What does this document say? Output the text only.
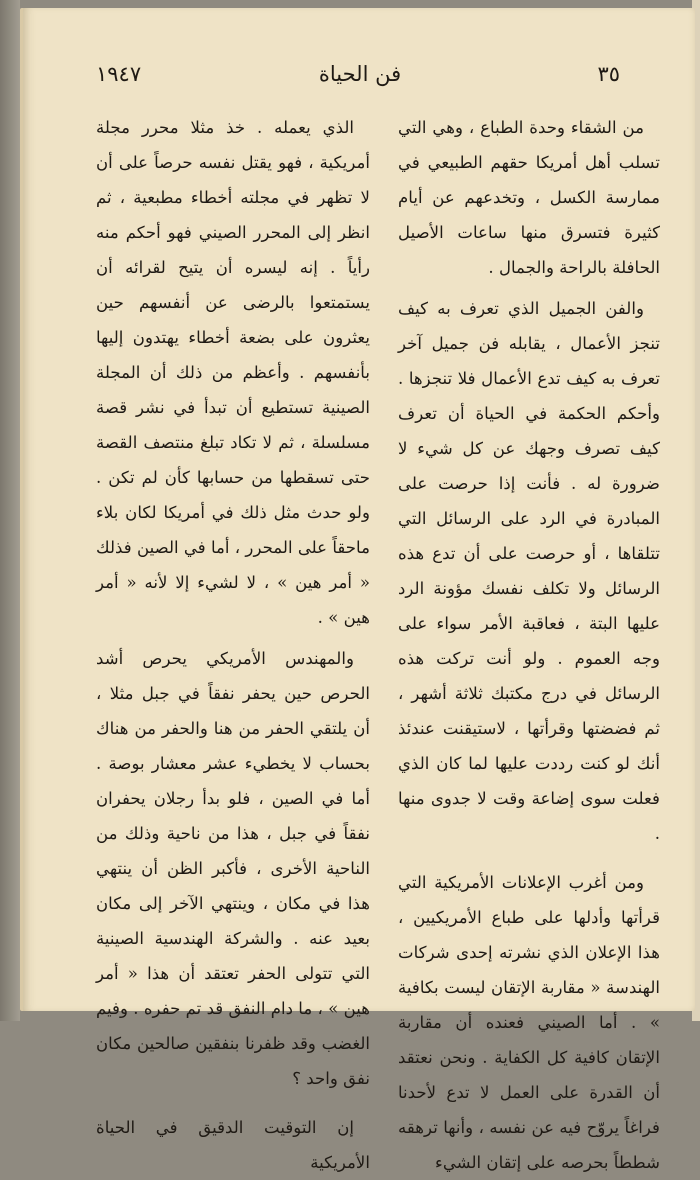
١٩٤٧	فن الحياة	٣٥

من الشقاء وحدة الطباع ، وهي التي تسلب أهل أمريكا حقهم الطبيعي في ممارسة الكسل ، وتخدعهم عن أيام كثيرة فتسرق منها ساعات الأصيل الحافلة بالراحة والجمال .

والفن الجميل الذي تعرف به كيف تنجز الأعمال ، يقابله فن جميل آخر تعرف به كيف تدع الأعمال فلا تنجزها . وأحكم الحكمة في الحياة أن تعرف كيف تصرف وجهك عن كل شيء لا ضرورة له . فأنت إذا حرصت على المبادرة في الرد على الرسائل التي تتلقاها ، أو حرصت على أن تدع هذه الرسائل ولا تكلف نفسك مؤونة الرد عليها البتة ، فعاقبة الأمر سواء على وجه العموم . ولو أنت تركت هذه الرسائل في درج مكتبك ثلاثة أشهر ، ثم فضضتها وقرأتها ، لاستيقنت عندئذ أنك لو كنت رددت عليها لما كان الذي فعلت سوى إضاعة وقت لا جدوى منها .

ومن أغرب الإعلانات الأمريكية التي قرأتها وأدلها على طباع الأمريكيين ، هذا الإعلان الذي نشرته إحدى شركات الهندسة « مقاربة الإتقان ليست بكافية » . أما الصيني فعنده أن مقاربة الإتقان كافية كل الكفاية . ونحن نعتقد أن القدرة على العمل لا تدع لأحدنا فراغاً يروّح فيه عن نفسه ، وأنها ترهقه شططاً بحرصه على إتقان الشيء

الذي يعمله . خذ مثلا محرر مجلة أمريكية ، فهو يقتل نفسه حرصاً على أن لا تظهر في مجلته أخطاء مطبعية ، ثم انظر إلى المحرر الصيني فهو أحكم منه رأياً . إنه ليسره أن يتيح لقرائه أن يستمتعوا بالرضى عن أنفسهم حين يعثرون على بضعة أخطاء يهتدون إليها بأنفسهم . وأعظم من ذلك أن المجلة الصينية تستطيع أن تبدأ في نشر قصة مسلسلة ، ثم لا تكاد تبلغ منتصف القصة حتى تسقطها من حسابها كأن لم تكن . ولو حدث مثل ذلك في أمريكا لكان بلاء ماحقاً على المحرر ، أما في الصين فذلك « أمر هين » ، لا لشيء إلا لأنه « أمر هين » .

والمهندس الأمريكي يحرص أشد الحرص حين يحفر نفقاً في جبل مثلا ، أن يلتقي الحفر من هنا والحفر من هناك بحساب لا يخطيء عشر معشار بوصة . أما في الصين ، فلو بدأ رجلان يحفران نفقاً في جبل ، هذا من ناحية وذلك من الناحية الأخرى ، فأكبر الظن أن ينتهي هذا في مكان ، وينتهي الآخر إلى مكان بعيد عنه . والشركة الهندسية الصينية التي تتولى الحفر تعتقد أن هذا « أمر هين » ، ما دام النفق قد تم حفره . وفيم الغضب وقد ظفرنا بنفقين صالحين مكان نفق واحد ؟

إن التوقيت الدقيق في الحياة الأمريكية
